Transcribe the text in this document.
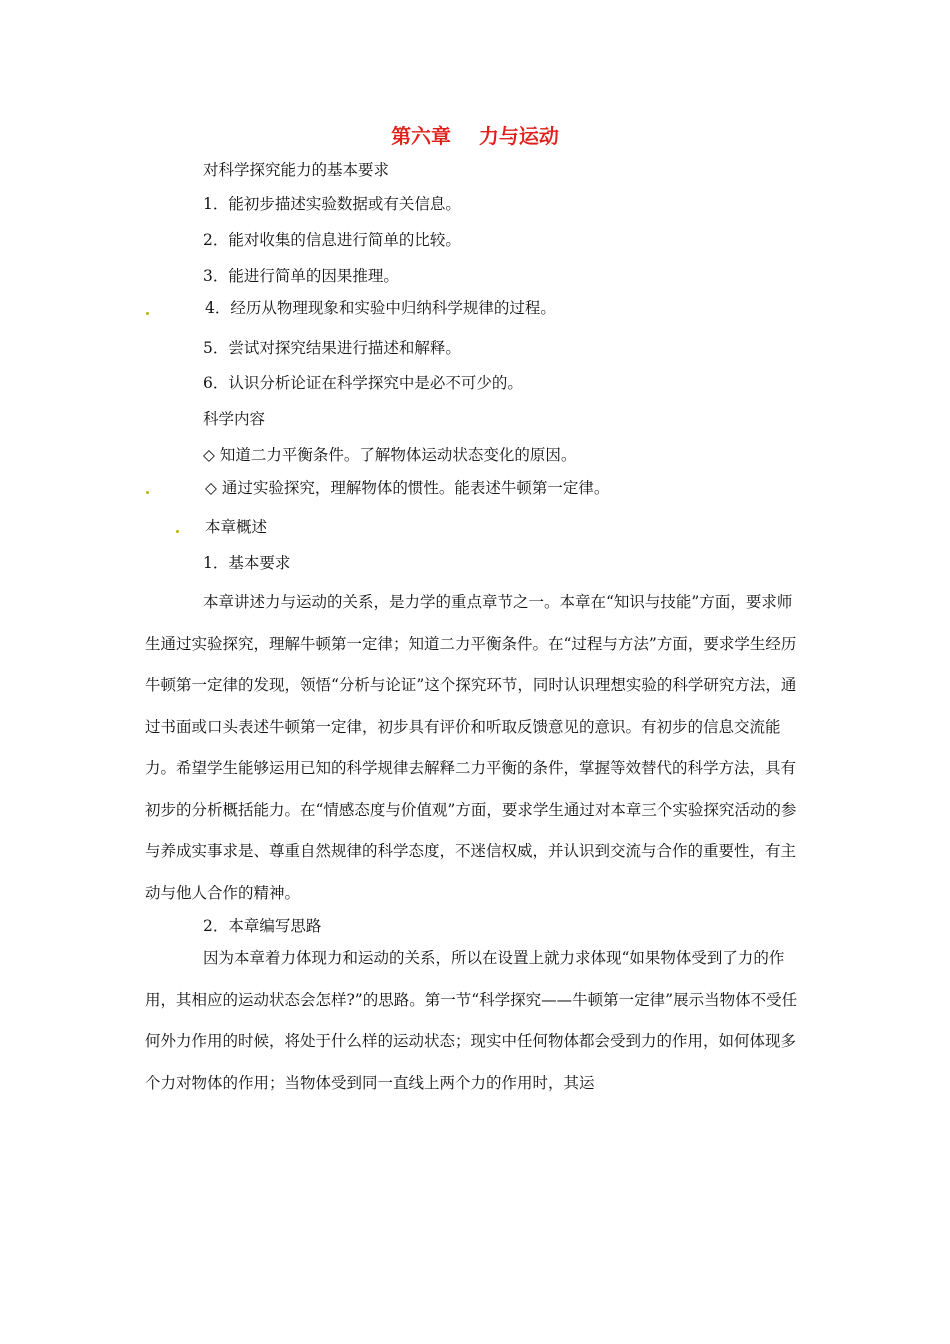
第六章    力与运动
对科学探究能力的基本要求
1．能初步描述实验数据或有关信息。
2．能对收集的信息进行简单的比较。
3．能进行简单的因果推理。
4．经历从物理现象和实验中归纳科学规律的过程。
5．尝试对探究结果进行描述和解释。
6．认识分析论证在科学探究中是必不可少的。
科学内容
◇ 知道二力平衡条件。了解物体运动状态变化的原因。
◇ 通过实验探究，理解物体的惯性。能表述牛顿第一定律。
本章概述
1．基本要求
本章讲述力与运动的关系，是力学的重点章节之一。本章在“知识与技能”方面，要求师生通过实验探究，理解牛顿第一定律；知道二力平衡条件。在“过程与方法”方面，要求学生经历牛顿第一定律的发现，领悟“分析与论证”这个探究环节，同时认识理想实验的科学研究方法，通过书面或口头表述牛顿第一定律，初步具有评价和听取反馈意见的意识。有初步的信息交流能力。希望学生能够运用已知的科学规律去解释二力平衡的条件，掌握等效替代的科学方法，具有初步的分析概括能力。在“情感态度与价值观”方面，要求学生通过对本章三个实验探究活动的参与养成实事求是、尊重自然规律的科学态度，不迷信权威，并认识到交流与合作的重要性，有主动与他人合作的精神。
2．本章编写思路
因为本章着力体现力和运动的关系，所以在设置上就力求体现“如果物体受到了力的作 用，其相应的运动状态会怎样?”的思路。第一节“科学探究——牛顿第一定律”展示当物体不受任何外力作用的时候，将处于什么样的运动状态；现实中任何物体都会受到力的作用，如何体现多个力对物体的作用；当物体受到同一直线上两个力的作用时，其运
